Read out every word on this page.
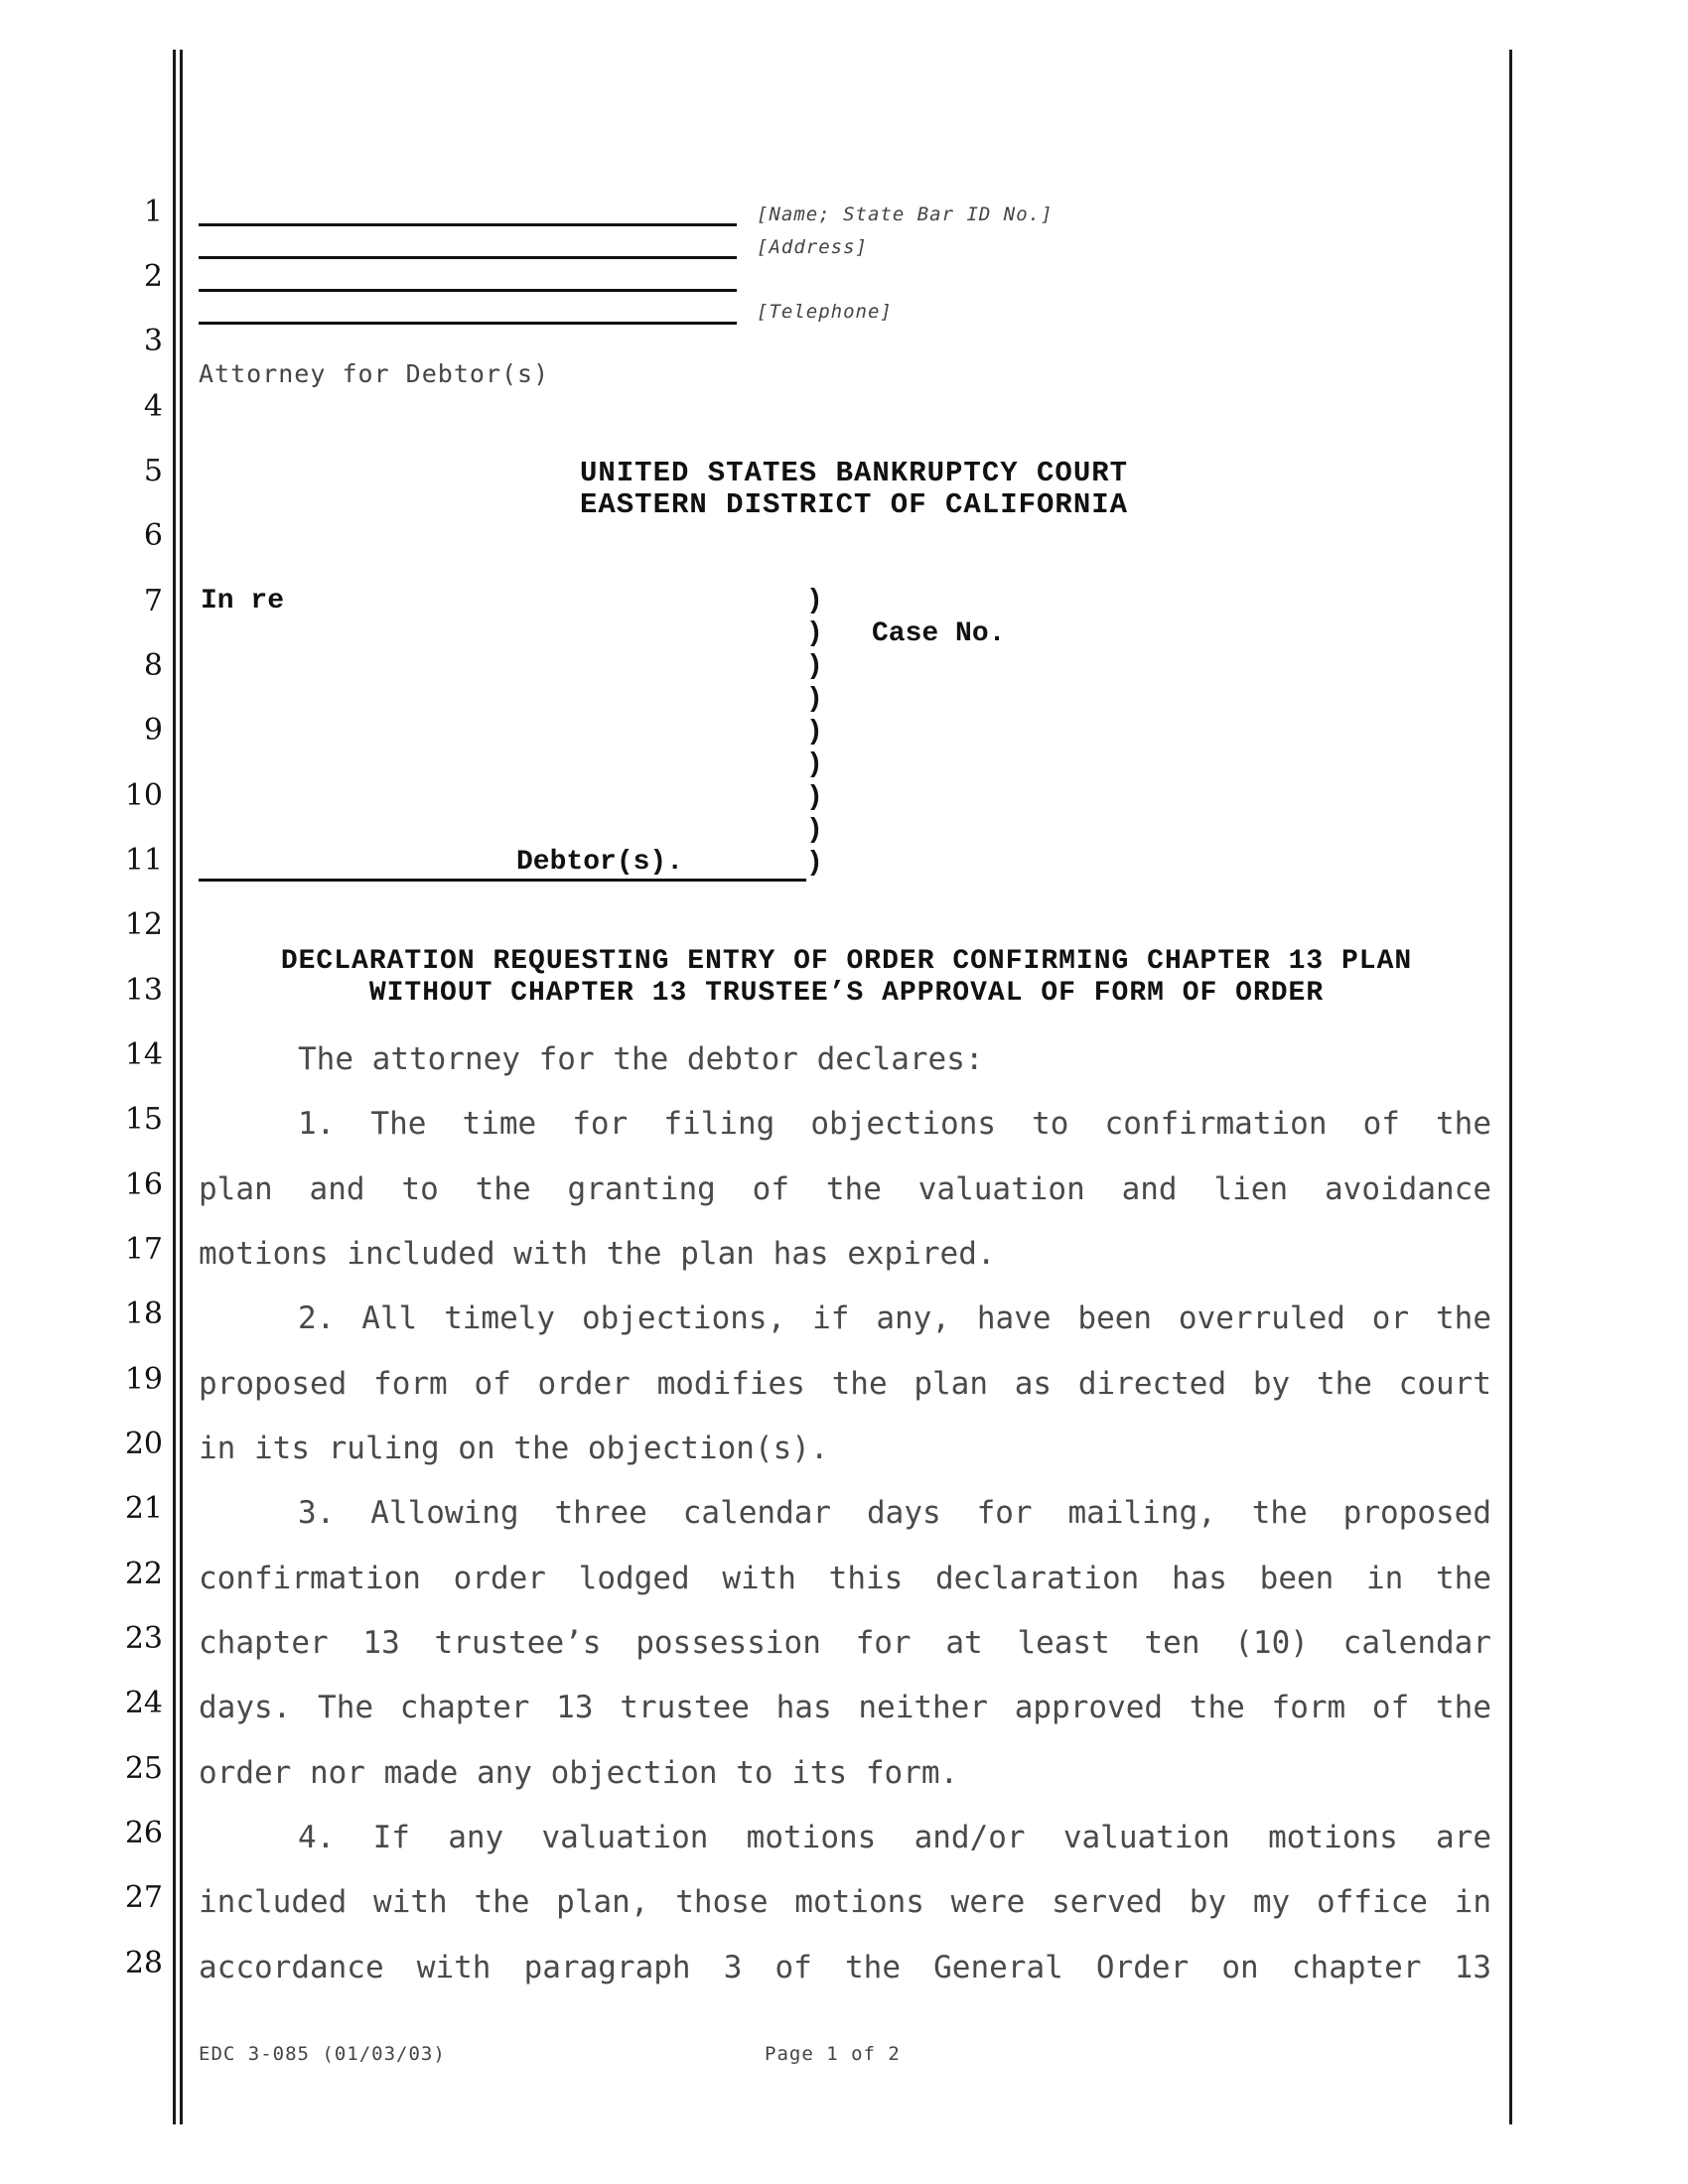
1
2
3
4
5
6
7
8
9
10
11
12
13
14
15
16
17
18
19
20
21
22
23
24
25
26
27
28
[Name; State Bar ID No.]
[Address]
[Telephone]
Attorney for Debtor(s)
UNITED STATES BANKRUPTCY COURT
EASTERN DISTRICT OF CALIFORNIA
In re
Case No.
Debtor(s).
)
)
)
)
)
)
)
)
)
DECLARATION REQUESTING ENTRY OF ORDER CONFIRMING CHAPTER 13 PLAN
WITHOUT CHAPTER 13 TRUSTEE’S APPROVAL OF FORM OF ORDER
The attorney for the debtor declares:
1. The time for filing objections to confirmation of the
plan and to the granting of the valuation and lien avoidance
motions included with the plan has expired.
2. All timely objections, if any, have been overruled or the
proposed form of order modifies the plan as directed by the court
in its ruling on the objection(s).
3. Allowing three calendar days for mailing, the proposed
confirmation order lodged with this declaration has been in the
chapter 13 trustee’s possession for at least ten (10) calendar
days. The chapter 13 trustee has neither approved the form of the
order nor made any objection to its form.
4. If any valuation motions and/or valuation motions are
included with the plan, those motions were served by my office in
accordance with paragraph 3 of the General Order on chapter 13
EDC 3-085 (01/03/03)	Page 1 of 2
